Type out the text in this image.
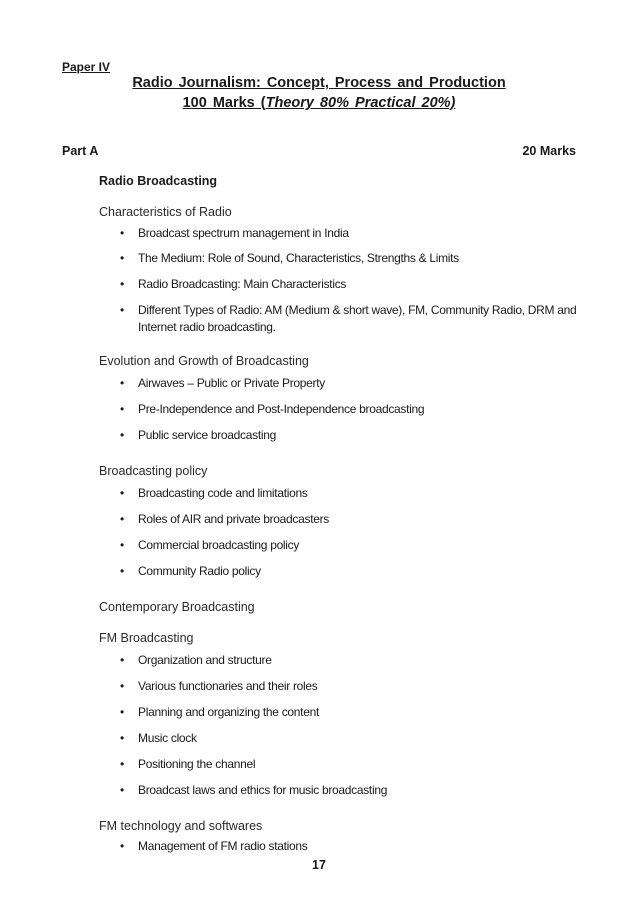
Paper IV
Radio Journalism: Concept, Process and Production
100 Marks (Theory 80% Practical 20%)
Part A	20 Marks
Radio Broadcasting
Characteristics of Radio
•	Broadcast spectrum management in India
•	The Medium: Role of Sound, Characteristics, Strengths & Limits
•	Radio Broadcasting: Main Characteristics
•	Different Types of Radio: AM (Medium & short wave), FM, Community Radio, DRM and Internet radio broadcasting.
Evolution and Growth of Broadcasting
•	Airwaves – Public or Private Property
•	Pre-Independence and Post-Independence broadcasting
•	Public service broadcasting
Broadcasting policy
•	Broadcasting code and limitations
•	Roles of AIR and private broadcasters
•	Commercial broadcasting policy
•	Community Radio policy
Contemporary Broadcasting
FM Broadcasting
•	Organization and structure
•	Various functionaries and their roles
•	Planning and organizing the content
•	Music clock
•	Positioning the channel
•	Broadcast laws and ethics for music broadcasting
FM technology and softwares
•	Management of FM radio stations
17
